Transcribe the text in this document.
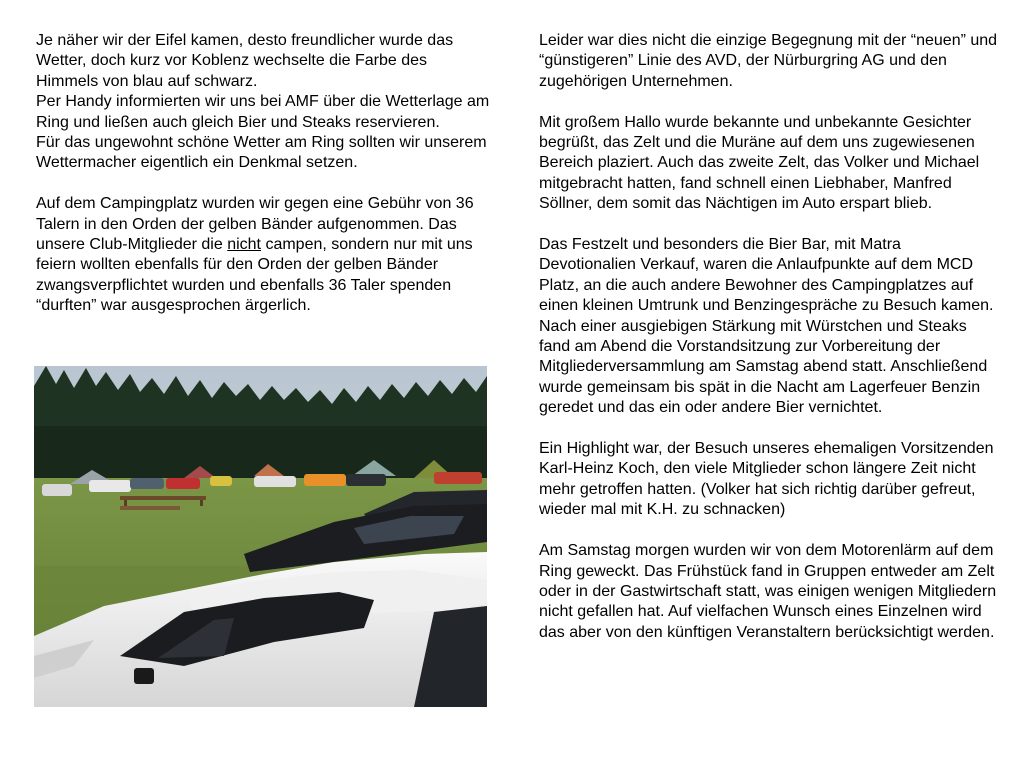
Je näher wir der Eifel kamen, desto freundlicher wurde das Wetter, doch kurz vor Koblenz wechselte die Farbe des Himmels von blau auf schwarz.
Per Handy informierten wir uns bei AMF über die Wetterlage am Ring und ließen auch gleich Bier und Steaks reservieren.
Für das ungewohnt schöne Wetter am Ring sollten wir unserem Wettermacher eigentlich ein Denkmal setzen.

Auf dem Campingplatz wurden wir gegen eine Gebühr von 36 Talern in den Orden der gelben Bänder aufgenommen. Das unsere Club-Mitglieder die nicht campen, sondern nur mit uns feiern wollten ebenfalls für den Orden der gelben Bänder zwangsverpflichtet wurden und ebenfalls 36 Taler spenden “durften” war ausgesprochen ärgerlich.

Leider war dies nicht die einzige Begegnung mit der “neuen” und “günstigeren” Linie des AVD, der Nürburgring AG und den zugehörigen Unternehmen.

Mit großem Hallo wurde bekannte und unbekannte Gesichter begrüßt, das Zelt und die Muräne auf dem uns zugewiesenen Bereich plaziert. Auch das zweite Zelt, das Volker und Michael mitgebracht hatten, fand schnell einen Liebhaber, Manfred Söllner, dem somit das Nächtigen im Auto erspart blieb.

Das Festzelt und besonders die Bier Bar, mit Matra Devotionalien Verkauf, waren die Anlaufpunkte auf dem MCD Platz, an die auch andere Bewohner des Campingplatzes auf einen kleinen Umtrunk und Benzingespräche zu Besuch kamen.
Nach einer ausgiebigen Stärkung mit Würstchen und Steaks fand am Abend die Vorstandsitzung zur Vorbereitung der Mitgliederversammlung am Samstag abend statt. Anschließend wurde gemeinsam bis spät in die Nacht am Lagerfeuer Benzin geredet und das ein oder andere Bier vernichtet.

Ein Highlight war, der Besuch unseres ehemaligen Vorsitzenden Karl-Heinz Koch, den viele Mitglieder schon längere Zeit nicht mehr getroffen hatten. (Volker hat sich richtig darüber gefreut, wieder mal mit K.H. zu schnacken)

Am Samstag morgen wurden wir von dem Motorenlärm auf dem Ring geweckt. Das Frühstück fand in Gruppen entweder am Zelt oder in der Gastwirtschaft statt, was einigen wenigen Mitgliedern nicht gefallen hat. Auf vielfachen Wunsch eines Einzelnen wird das aber von den künftigen Veranstaltern berücksichtigt werden.
